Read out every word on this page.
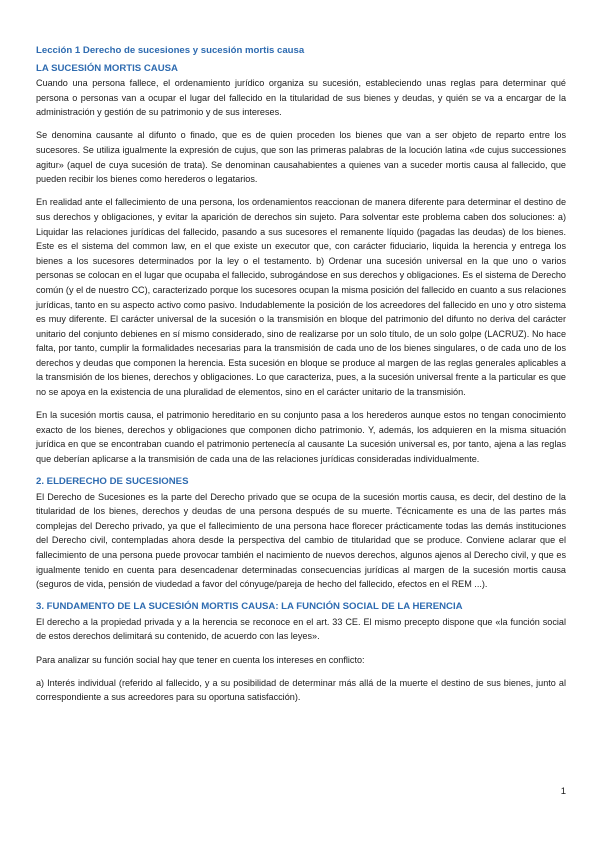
Lección 1 Derecho de sucesiones y sucesión mortis causa
LA SUCESIÓN MORTIS CAUSA

Cuando una persona fallece, el ordenamiento jurídico organiza su sucesión, estableciendo unas reglas para determinar qué persona o personas van a ocupar el lugar del fallecido en la titularidad de sus bienes y deudas, y quién se va a encargar de la administración y gestión de su patrimonio y de sus intereses.

Se denomina causante al difunto o finado, que es de quien proceden los bienes que van a ser objeto de reparto entre los sucesores. Se utiliza igualmente la expresión de cujus, que son las primeras palabras de la locución latina «de cujus successiones agitur» (aquel de cuya sucesión de trata). Se denominan causahabientes a quienes van a suceder mortis causa al fallecido, que pueden recibir los bienes como herederos o legatarios.

En realidad ante el fallecimiento de una persona, los ordenamientos reaccionan de manera diferente para determinar el destino de sus derechos y obligaciones, y evitar la aparición de derechos sin sujeto. Para solventar este problema caben dos soluciones: a) Liquidar las relaciones jurídicas del fallecido, pasando a sus sucesores el remanente líquido (pagadas las deudas) de los bienes. Este es el sistema del common law, en el que existe un executor que, con carácter fiduciario, liquida la herencia y entrega los bienes a los sucesores determinados por la ley o el testamento. b) Ordenar una sucesión universal en la que uno o varios personas se colocan en el lugar que ocupaba el fallecido, subrogándose en sus derechos y obligaciones. Es el sistema de Derecho común (y el de nuestro CC), caracterizado porque los sucesores ocupan la misma posición del fallecido en cuanto a sus relaciones jurídicas, tanto en su aspecto activo como pasivo. Indudablemente la posición de los acreedores del fallecido en uno y otro sistema es muy diferente. El carácter universal de la sucesión o la transmisión en bloque del patrimonio del difunto no deriva del carácter unitario del conjunto debienes en sí mismo considerado, sino de realizarse por un solo título, de un solo golpe (LACRUZ). No hace falta, por tanto, cumplir la formalidades necesarias para la transmisión de cada uno de los bienes singulares, o de cada uno de los derechos y deudas que componen la herencia. Esta sucesión en bloque se produce al margen de las reglas generales aplicables a la transmisión de los bienes, derechos y obligaciones. Lo que caracteriza, pues, a la sucesión universal frente a la particular es que no se apoya en la existencia de una pluralidad de elementos, sino en el carácter unitario de la transmisión.

En la sucesión mortis causa, el patrimonio hereditario en su conjunto pasa a los herederos aunque estos no tengan conocimiento exacto de los bienes, derechos y obligaciones que componen dicho patrimonio. Y, además, los adquieren en la misma situación jurídica en que se encontraban cuando el patrimonio pertenecía al causante La sucesión universal es, por tanto, ajena a las reglas que deberían aplicarse a la transmisión de cada una de las relaciones jurídicas consideradas individualmente.

2. ELDERECHO DE SUCESIONES

El Derecho de Sucesiones es la parte del Derecho privado que se ocupa de la sucesión mortis causa, es decir, del destino de la titularidad de los bienes, derechos y deudas de una persona después de su muerte. Técnicamente es una de las partes más complejas del Derecho privado, ya que el fallecimiento de una persona hace florecer prácticamente todas las demás instituciones del Derecho civil, contempladas ahora desde la perspectiva del cambio de titularidad que se produce. Conviene aclarar que el fallecimiento de una persona puede provocar también el nacimiento de nuevos derechos, algunos ajenos al Derecho civil, y que es igualmente tenido en cuenta para desencadenar determinadas consecuencias jurídicas al margen de la sucesión mortis causa (seguros de vida, pensión de viudedad a favor del cónyuge/pareja de hecho del fallecido, efectos en el REM ...).

3. FUNDAMENTO DE LA SUCESIÓN MORTIS CAUSA: LA FUNCIÓN SOCIAL DE LA HERENCIA

El derecho a la propiedad privada y a la herencia se reconoce en el art. 33 CE. El mismo precepto dispone que «la función social de estos derechos delimitará su contenido, de acuerdo con las leyes».

Para analizar su función social hay que tener en cuenta los intereses en conflicto:

a) Interés individual (referido al fallecido, y a su posibilidad de determinar más allá de la muerte el destino de sus bienes, junto al correspondiente a sus acreedores para su oportuna satisfacción).

1
